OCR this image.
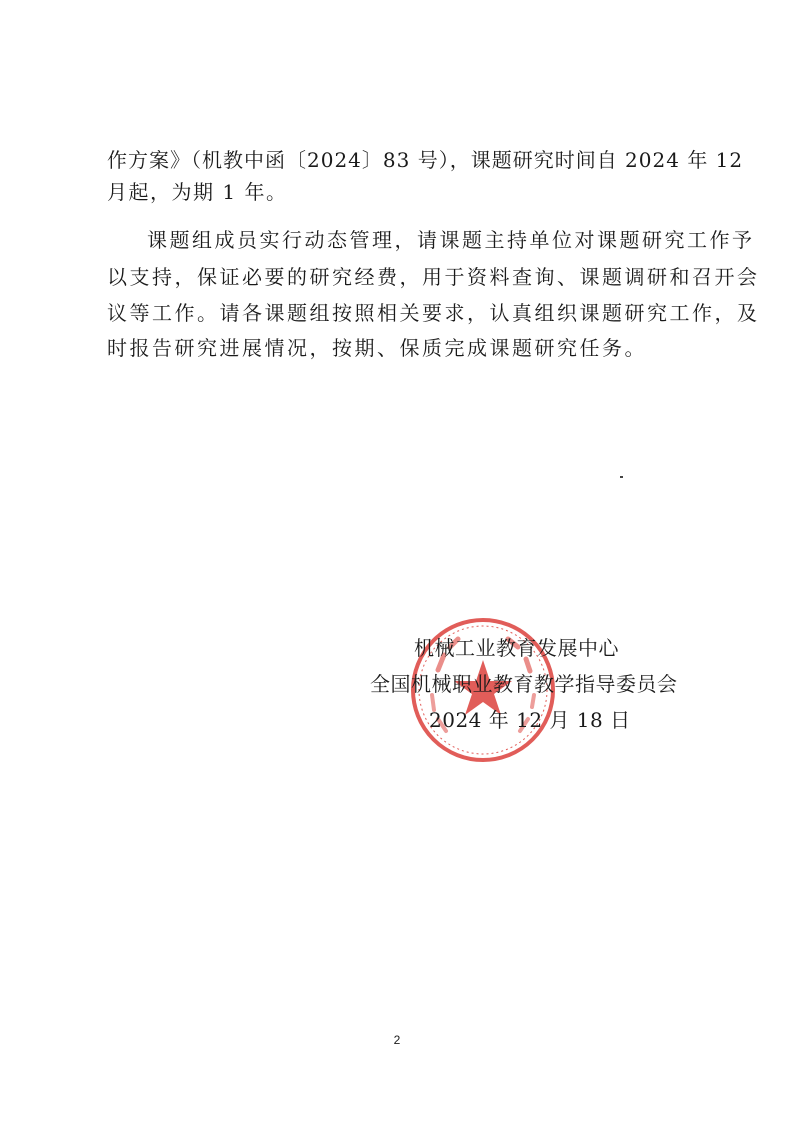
作方案》（机教中函〔2024〕83 号），课题研究时间自 2024 年 12
月起，为期 1 年。
课题组成员实行动态管理，请课题主持单位对课题研究工作予
以支持，保证必要的研究经费，用于资料查询、课题调研和召开会
议等工作。请各课题组按照相关要求，认真组织课题研究工作，及
时报告研究进展情况，按期、保质完成课题研究任务。
机械工业教育发展中心
全国机械职业教育教学指导委员会
2024 年 12 月 18 日
2
